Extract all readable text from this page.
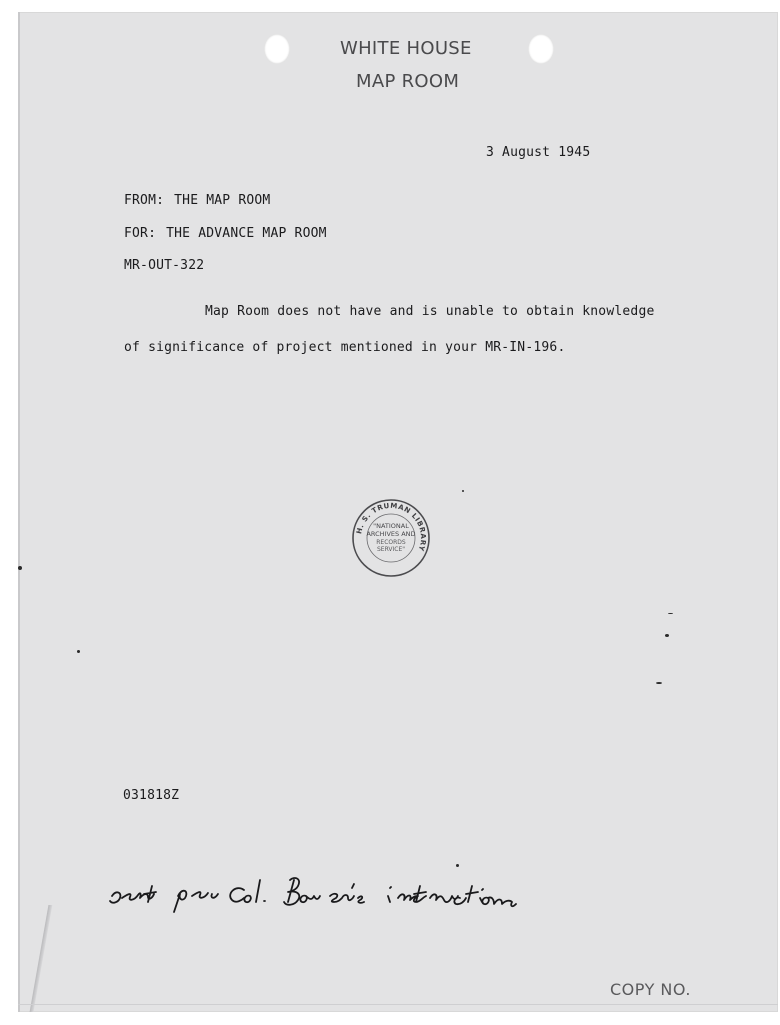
WHITE HOUSE
MAP ROOM
3 August 1945
FROM: THE MAP ROOM
FOR: THE ADVANCE MAP ROOM
MR-OUT-322
Map Room does not have and is unable to obtain knowledge
of significance of project mentioned in your MR-IN-196.
H. S. TRUMAN LIBRARY
"NATIONAL
ARCHIVES AND
RECORDS
SERVICE"
031818Z
COPY NO.
